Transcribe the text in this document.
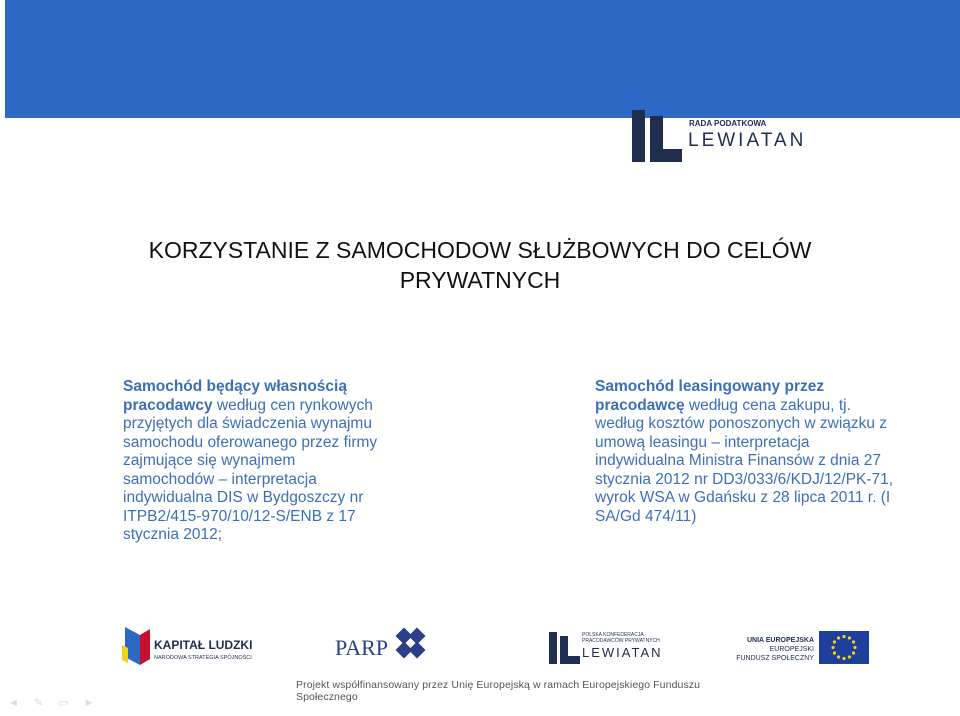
RADA PODATKOWA
LEWIATAN
KORZYSTANIE Z SAMOCHODOW SŁUŻBOWYCH DO CELÓW
PRYWATNYCH
Samochód będący własnością pracodawcy według cen rynkowych przyjętych dla świadczenia wynajmu samochodu oferowanego przez firmy zajmujące się wynajmem samochodów – interpretacja indywidualna DIS w Bydgoszczy nr ITPB2/415-970/10/12-S/ENB z 17 stycznia 2012;
Samochód leasingowany przez pracodawcę według cena zakupu, tj. według kosztów ponoszonych w związku z umową leasingu – interpretacja indywidualna Ministra Finansów z dnia 27 stycznia 2012 nr DD3/033/6/KDJ/12/PK-71, wyrok WSA w Gdańsku z 28 lipca 2011 r. (I SA/Gd 474/11)
KAPITAŁ LUDZKI
NARODOWA STRATEGIA SPÓJNOŚCI	PARP	POLSKA KONFEDERACJA
PRACODAWCÓW PRYWATNYCH
LEWIATAN
UNIA EUROPEJSKA
EUROPEJSKI
FUNDUSZ SPOŁECZNY
Projekt współfinansowany przez Unię Europejską w ramach Europejskiego Funduszu Społecznego
◄ ✎ ▭ ►
